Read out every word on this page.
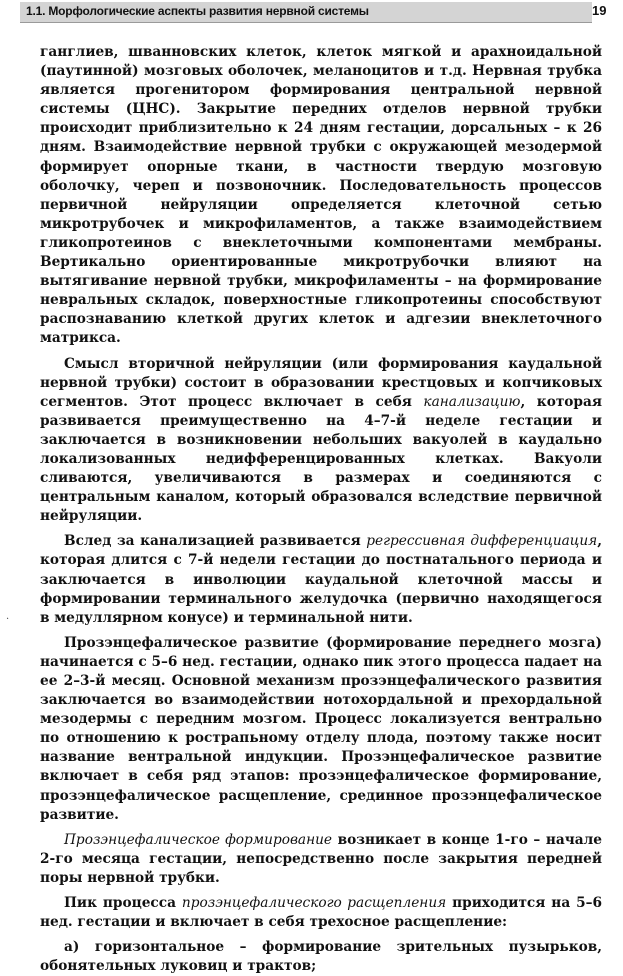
1.1. Морфологические аспекты развития нервной системы	19
·

ганглиев, шванновских клеток, клеток мягкой и арахноидальной (паутинной) мозговых оболочек, меланоцитов и т.д. Нервная трубка является прогенитором формирования центральной нервной системы (ЦНС). Закрытие передних отделов нервной трубки происходит приблизительно к 24 дням гестации, дорсальных – к 26 дням. Взаимодействие нервной трубки с окружающей мезодермой формирует опорные ткани, в частности твердую мозговую оболочку, череп и позвоночник. Последовательность процессов первичной нейруляции определяется клеточной сетью микротрубочек и микрофиламентов, а также взаимодействием гликопротеинов с внеклеточными компонентами мембраны. Вертикально ориентированные микротрубочки влияют на вытягивание нервной трубки, микрофиламенты – на формирование невральных складок, поверхностные гликопротеины способствуют распознаванию клеткой других клеток и адгезии внеклеточного матрикса.

Смысл вторичной нейруляции (или формирования каудальной нервной трубки) состоит в образовании крестцовых и копчиковых сегментов. Этот процесс включает в себя канализацию, которая развивается преимущественно на 4–7-й неделе гестации и заключается в возникновении небольших вакуолей в каудально локализованных недифференцированных клетках. Вакуоли сливаются, увеличиваются в размерах и соединяются с центральным каналом, который образовался вследствие первичной нейруляции.

Вслед за канализацией развивается регрессивная дифференциация, которая длится с 7-й недели гестации до постнатального периода и заключается в инволюции каудальной клеточной массы и формировании терминального желудочка (первично находящегося в медуллярном конусе) и терминальной нити.

Прозэнцефалическое развитие (формирование переднего мозга) начинается с 5–6 нед. гестации, однако пик этого процесса падает на ее 2–3-й месяц. Основной механизм прозэнцефалического развития заключается во взаимодействии нотохордальной и прехордальной мезодермы с передним мозгом. Процесс локализуется вентрально по отношению к рострапьному отделу плода, поэтому также носит название вентральной индукции. Прозэнцефалическое развитие включает в себя ряд этапов: прозэнцефалическое формирование, прозэнцефалическое расщепление, срединное прозэнцефалическое развитие.

Прозэнцефалическое формирование возникает в конце 1-го – начале 2-го месяца гестации, непосредственно после закрытия передней поры нервной трубки.

Пик процесса прозэнцефалического расщепления приходится на 5–6 нед. гестации и включает в себя трехосное расщепление:

а) горизонтальное – формирование зрительных пузырьков, обонятельных луковиц и трактов;
